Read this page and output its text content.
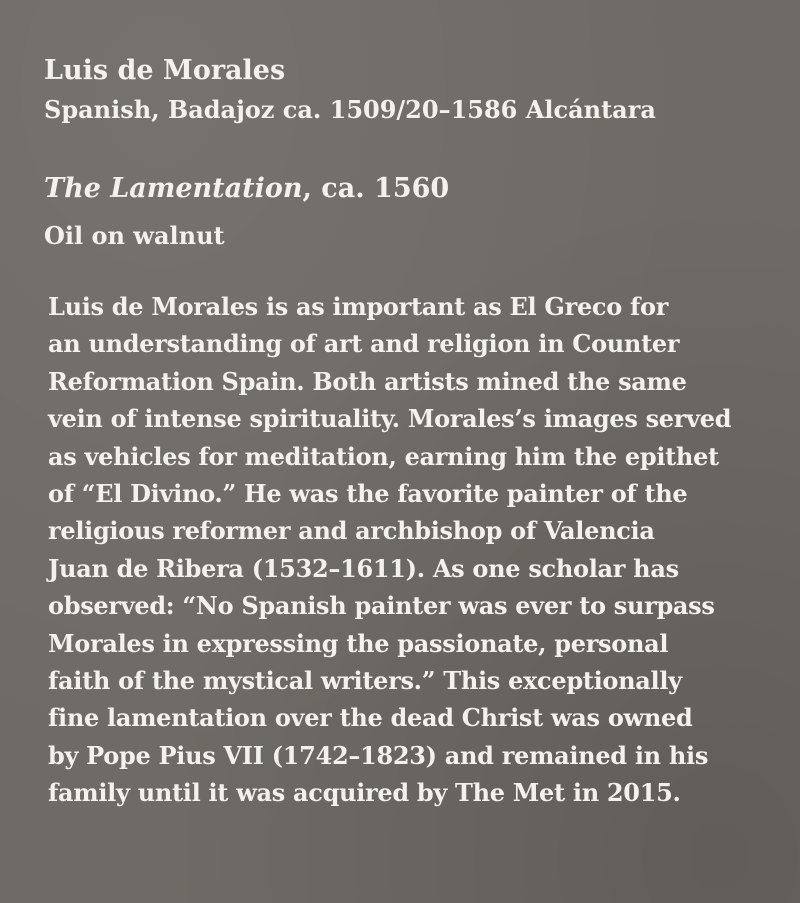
Luis de Morales
Spanish, Badajoz ca. 1509/20–1586 Alcántara
The Lamentation, ca. 1560
Oil on walnut
Luis de Morales is as important as El Greco for
an understanding of art and religion in Counter
Reformation Spain. Both artists mined the same
vein of intense spirituality. Morales’s images served
as vehicles for meditation, earning him the epithet
of “El Divino.” He was the favorite painter of the
religious reformer and archbishop of Valencia
Juan de Ribera (1532–1611). As one scholar has
observed: “No Spanish painter was ever to surpass
Morales in expressing the passionate, personal
faith of the mystical writers.” This exceptionally
fine lamentation over the dead Christ was owned
by Pope Pius VII (1742–1823) and remained in his
family until it was acquired by The Met in 2015.
